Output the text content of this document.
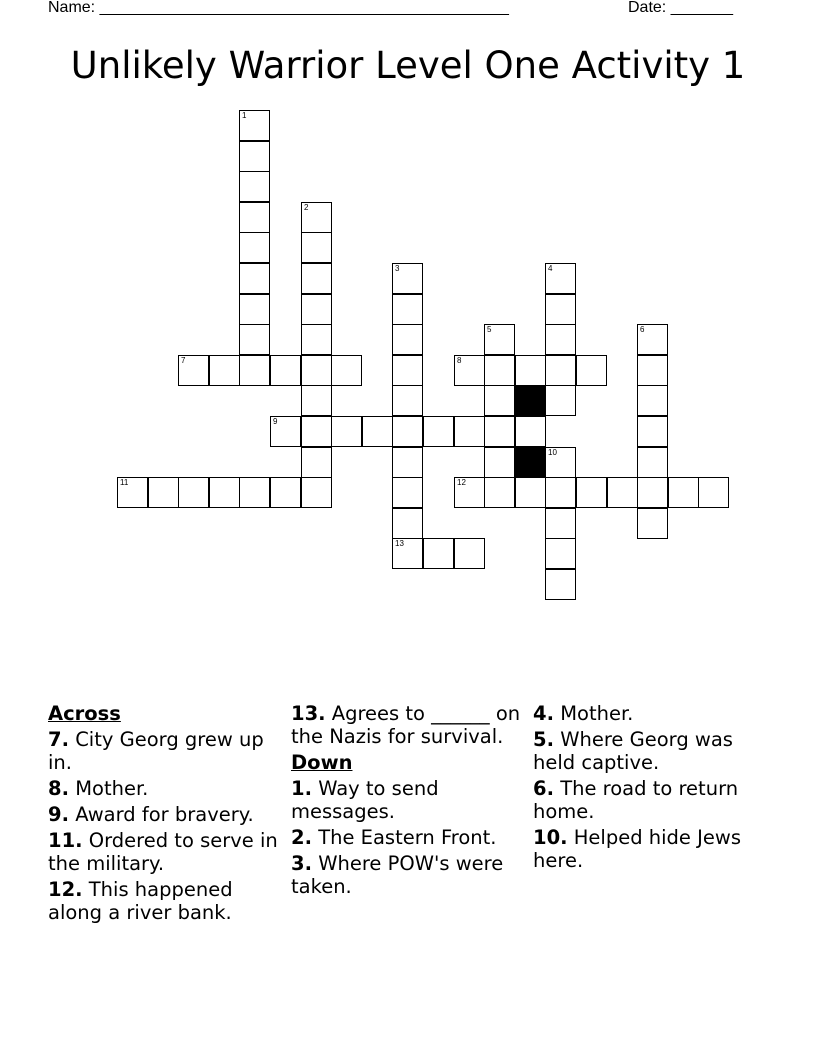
Name: ______________________________________________	Date: _______
Unlikely Warrior Level One Activity 1
1
2
3
13
4
5	6
7	8
9
10
11	12
Across
7. City Georg grew up in.
8. Mother.
9. Award for bravery.
11. Ordered to serve in the military.
12. This happened along a river bank.
13. Agrees to ______ on the Nazis for survival.
Down
1. Way to send messages.
2. The Eastern Front.
3. Where POW's were taken.
4. Mother.
5. Where Georg was held captive.
6. The road to return home.
10. Helped hide Jews here.
